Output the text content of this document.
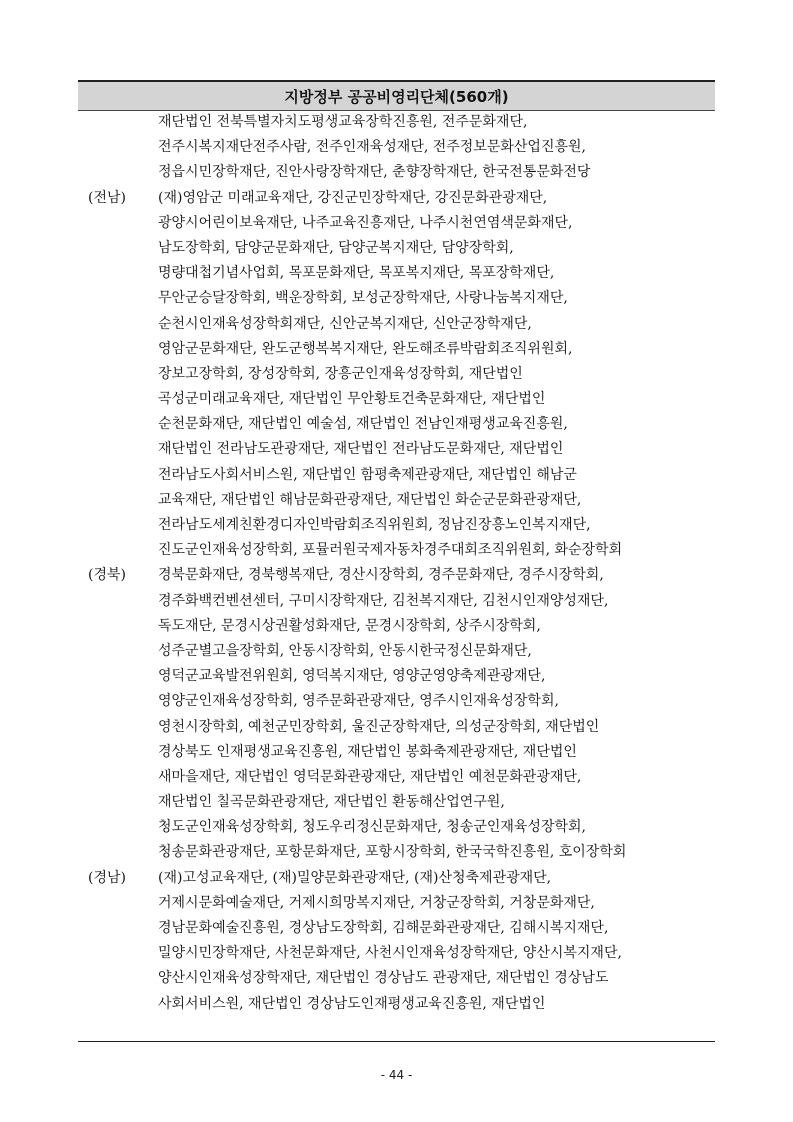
지방정부 공공비영리단체(560개)
재단법인 전북특별자치도평생교육장학진흥원, 전주문화재단,
전주시복지재단전주사람, 전주인재육성재단, 전주정보문화산업진흥원,
정읍시민장학재단, 진안사랑장학재단, 춘향장학재단, 한국전통문화전당
(전남) (재)영암군 미래교육재단, 강진군민장학재단, 강진문화관광재단,
광양시어린이보육재단, 나주교육진흥재단, 나주시천연염색문화재단,
남도장학회, 담양군문화재단, 담양군복지재단, 담양장학회,
명량대첩기념사업회, 목포문화재단, 목포복지재단, 목포장학재단,
무안군승달장학회, 백운장학회, 보성군장학재단, 사랑나눔복지재단,
순천시인재육성장학회재단, 신안군복지재단, 신안군장학재단,
영암군문화재단, 완도군행복복지재단, 완도해조류박람회조직위원회,
장보고장학회, 장성장학회, 장흥군인재육성장학회, 재단법인
곡성군미래교육재단, 재단법인 무안황토건축문화재단, 재단법인
순천문화재단, 재단법인 예술섬, 재단법인 전남인재평생교육진흥원,
재단법인 전라남도관광재단, 재단법인 전라남도문화재단, 재단법인
전라남도사회서비스원, 재단법인 함평축제관광재단, 재단법인 해남군
교육재단, 재단법인 해남문화관광재단, 재단법인 화순군문화관광재단,
전라남도세계친환경디자인박람회조직위원회, 정남진장흥노인복지재단,
진도군인재육성장학회, 포뮬러원국제자동차경주대회조직위원회, 화순장학회
(경북) 경북문화재단, 경북행복재단, 경산시장학회, 경주문화재단, 경주시장학회,
경주화백컨벤션센터, 구미시장학재단, 김천복지재단, 김천시인재양성재단,
독도재단, 문경시상권활성화재단, 문경시장학회, 상주시장학회,
성주군별고을장학회, 안동시장학회, 안동시한국정신문화재단,
영덕군교육발전위원회, 영덕복지재단, 영양군영양축제관광재단,
영양군인재육성장학회, 영주문화관광재단, 영주시인재육성장학회,
영천시장학회, 예천군민장학회, 울진군장학재단, 의성군장학회, 재단법인
경상북도 인재평생교육진흥원, 재단법인 봉화축제관광재단, 재단법인
새마을재단, 재단법인 영덕문화관광재단, 재단법인 예천문화관광재단,
재단법인 칠곡문화관광재단, 재단법인 환동해산업연구원,
청도군인재육성장학회, 청도우리정신문화재단, 청송군인재육성장학회,
청송문화관광재단, 포항문화재단, 포항시장학회, 한국국학진흥원, 호이장학회
(경남) (재)고성교육재단, (재)밀양문화관광재단, (재)산청축제관광재단,
거제시문화예술재단, 거제시희망복지재단, 거창군장학회, 거창문화재단,
경남문화예술진흥원, 경상남도장학회, 김해문화관광재단, 김해시복지재단,
밀양시민장학재단, 사천문화재단, 사천시인재육성장학재단, 양산시복지재단,
양산시인재육성장학재단, 재단법인 경상남도 관광재단, 재단법인 경상남도
사회서비스원, 재단법인 경상남도인재평생교육진흥원, 재단법인
- 44 -
